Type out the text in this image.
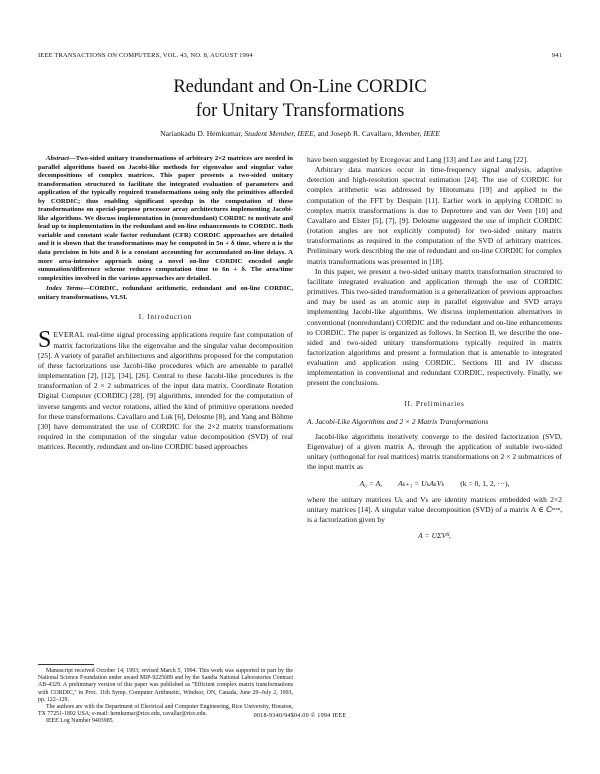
IEEE TRANSACTIONS ON COMPUTERS, VOL. 43, NO. 8, AUGUST 1994	941
Redundant and On-Line CORDIC
for Unitary Transformations
Nariankadu D. Hemkumar, Student Member, IEEE, and Joseph R. Cavallaro, Member, IEEE

Abstract—Two-sided unitary transformations of arbitrary 2×2 matrices are needed in parallel algorithms based on Jacobi-like methods for eigenvalue and singular value decompositions of complex matrices. This paper presents a two-sided unitary transformation structured to facilitate the integrated evaluation of parameters and application of the typically required transformations using only the primitives afforded by CORDIC; thus enabling significant speedup in the computation of these transformations on special-purpose processor array architectures implementing Jacobi-like algorithms. We discuss implementation in (nonredundant) CORDIC to motivate and lead up to implementation in the redundant and on-line enhancements to CORDIC. Both variable and constant scale factor redundant (CFR) CORDIC approaches are detailed and it is shown that the transformations may be computed in 5n + δ time, where n is the data precision in bits and δ is a constant accounting for accumulated on-line delays. A more area-intensive approach using a novel on-line CORDIC encoded angle summation/difference scheme reduces computation time to 6n + δ. The area/time complexities involved in the various approaches are detailed.

Index Terms—CORDIC, redundant arithmetic, redundant and on-line CORDIC, unitary transformations, VLSI.

I. Introduction

SEVERAL real-time signal processing applications require fast computation of matrix factorizations like the eigenvalue and the singular value decomposition [25]. A variety of parallel architectures and algorithms proposed for the computation of these factorizations use Jacobi-like procedures which are amenable to parallel implementation [2], [12], [34], [26]. Central to these Jacobi-like procedures is the transformation of 2 × 2 submatrices of the input data matrix. Coordinate Rotation Digital Computer (CORDIC) [28], [9] algorithms, intended for the computation of inverse tangents and vector rotations, allied the kind of primitive operations needed for these transformations. Cavallaro and Luk [6], Delosme [8], and Yang and Böhme [30] have demonstrated the use of CORDIC for the 2×2 matrix transformations required in the computation of the singular value decomposition (SVD) of real matrices. Recently, redundant and on-line CORDIC based approaches

Manuscript received October 14, 1993; revised March 5, 1994. This work was supported in part by the National Science Foundation under award MIP-9225689 and by the Sandia National Laboratories Contract AB-4329. A preliminary version of this paper was published as "Efficient complex matrix transformations with CORDIC," in Proc. 11th Symp. Computer Arithmetic, Windsor, ON, Canada, June 29–July 2, 1993, pp. 122–129.

The authors are with the Department of Electrical and Computer Engineering, Rice University, Houston, TX 77251-1892 USA; e-mail: hemkumar@rice.edu, cavallar@rice.edu.

IEEE Log Number 9403985.

have been suggested by Ercegovac and Lang [13] and Lee and Lang [22].

Arbitrary data matrices occur in time-frequency signal analysis, adaptive detection and high-resolution spectral estimation [24]. The use of CORDIC for complex arithmetic was addressed by Hitotumatu [19] and applied to the computation of the FFT by Despain [11]. Earlier work in applying CORDIC to complex matrix transformations is due to Deprettere and van der Veen [10] and Cavallaro and Elster [5], [7], [9]. Delosme suggested the use of implicit CORDIC (rotation angles are not explicitly computed) for two-sided unitary matrix transformations as required in the computation of the SVD of arbitrary matrices. Preliminary work describing the use of redundant and on-line CORDIC for complex matrix transformations was presented in [18].

In this paper, we present a two-sided unitary matrix transformation structured to facilitate integrated evaluation and application through the use of CORDIC primitives. This two-sided transformation is a generalization of previous approaches and may be used as an atomic step in parallel eigenvalue and SVD arrays implementing Jacobi-like algorithms. We discuss implementation alternatives in conventional (nonredundant) CORDIC and the redundant and on-line enhancements to CORDIC. The paper is organized as follows. In Section II, we describe the one-sided and two-sided unitary transformations typically required in matrix factorization algorithms and present a formulation that is amenable to integrated evaluation and application using CORDIC. Sections III and IV discuss implementation in conventional and redundant CORDIC, respectively. Finally, we present the conclusions.

II. Preliminaries
A. Jacobi-Like Algorithms and 2 × 2 Matrix Transformations

Jacobi-like algorithms iteratively converge to the desired factorization (SVD, Eigenvalue) of a given matrix A, through the application of suitable two-sided unitary (orthogonal for real matrices) matrix transformations on 2 × 2 submatrices of the input matrix as

A₀ = A, Aₖ₊₁ = UₖAₖVₖ (k = 0, 1, 2, ···),

where the unitary matrices Uₖ and Vₖ are identity matrices embedded with 2×2 unitary matrices [14]. A singular value decomposition (SVD) of a matrix A ∈ ℂᵐˣⁿ, is a factorization given by

A = UΣVᴴ,
0018-9340/94$04.00 © 1994 IEEE
